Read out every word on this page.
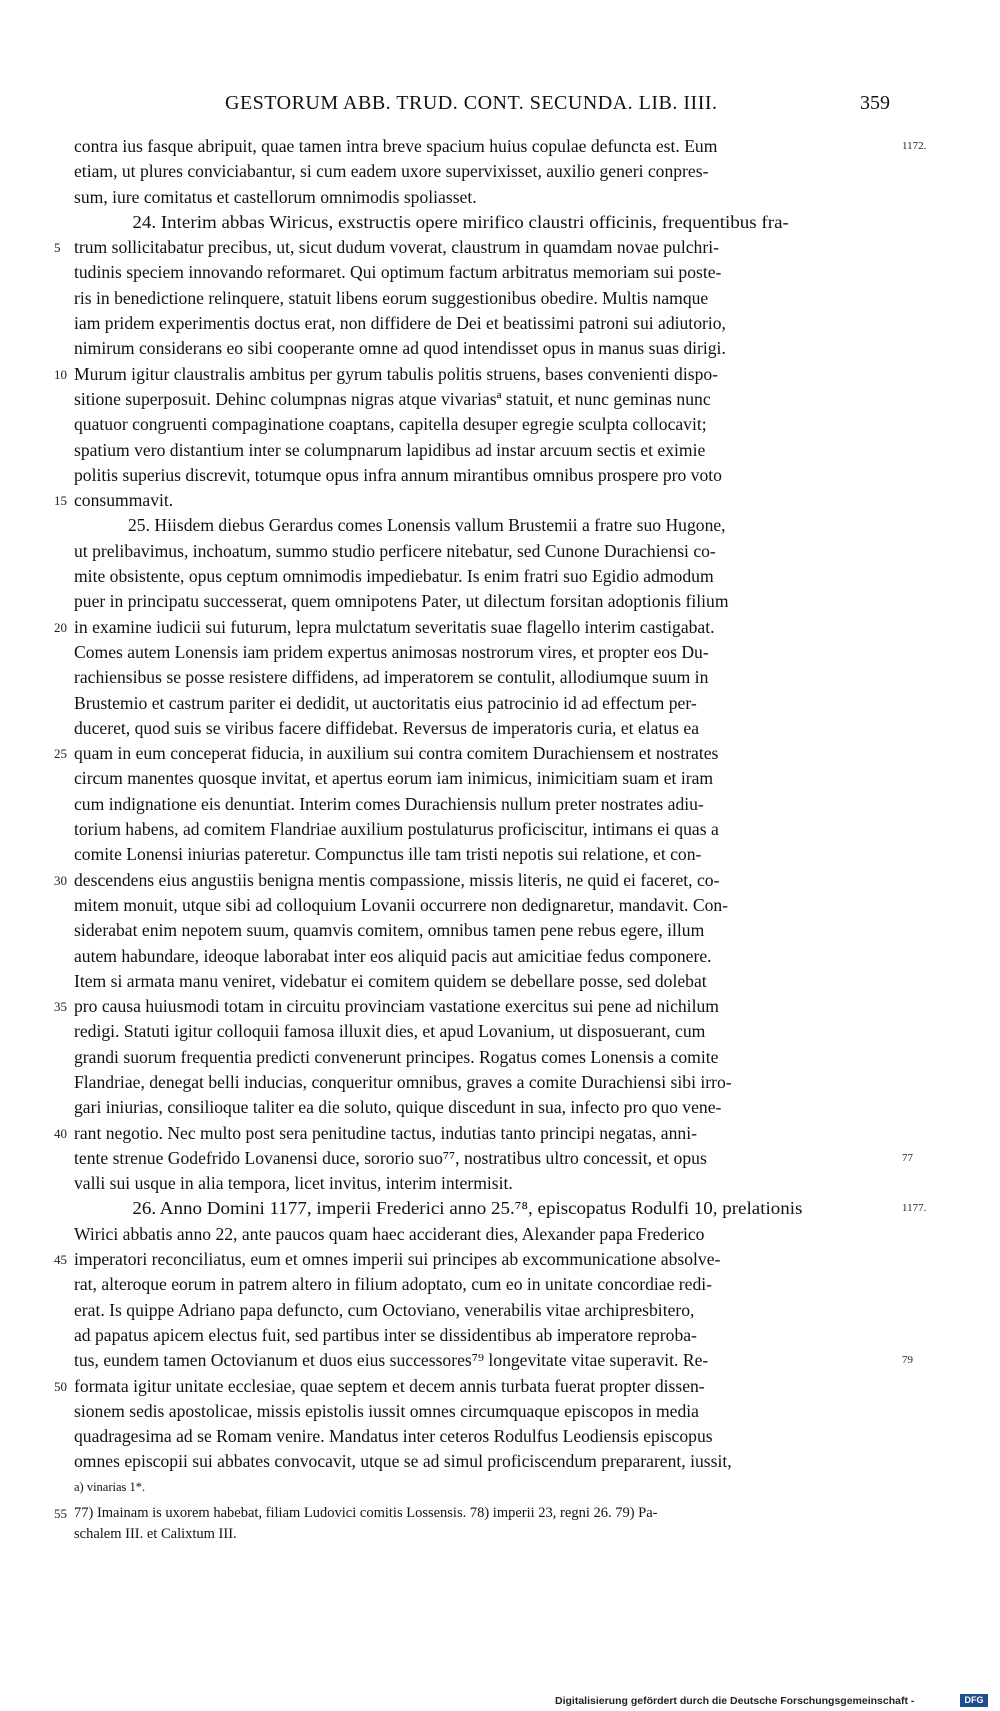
GESTORUM ABB. TRUD. CONT. SECUNDA. LIB. IIII.	359
contra ius fasque abripuit, quae tamen intra breve spacium huius copulae defuncta est. Eum	1172.
etiam, ut plures conviciabantur, si cum eadem uxore supervixisset, auxilio generi conpres-
sum, iure comitatus et castellorum omnimodis spoliasset.
24. Interim abbas Wiricus, exstructis opere mirifico claustri officinis, frequentibus fra-
5 trum sollicitabatur precibus, ut, sicut dudum voverat, claustrum in quamdam novae pulchri-
tudinis speciem innovando reformaret. Qui optimum factum arbitratus memoriam sui poste-
ris in benedictione relinquere, statuit libens eorum suggestionibus obedire. Multis namque
iam pridem experimentis doctus erat, non diffidere de Dei et beatissimi patroni sui adiutorio,
nimirum considerans eo sibi cooperante omne ad quod intendisset opus in manus suas dirigi.
10 Murum igitur claustralis ambitus per gyrum tabulis politis struens, bases convenienti dispo-
sitione superposuit. Dehinc columpnas nigras atque vivariasª statuit, et nunc geminas nunc
quatuor congruenti compaginatione coaptans, capitella desuper egregie sculpta collocavit;
spatium vero distantium inter se columpnarum lapidibus ad instar arcuum sectis et eximie
politis superius discrevit, totumque opus infra annum mirantibus omnibus prospere pro voto
15 consummavit.
25. Hiisdem diebus Gerardus comes Lonensis vallum Brustemii a fratre suo Hugone,
ut prelibavimus, inchoatum, summo studio perficere nitebatur, sed Cunone Durachiensi co-
mite obsistente, opus ceptum omnimodis impediebatur. Is enim fratri suo Egidio admodum
puer in principatu successerat, quem omnipotens Pater, ut dilectum forsitan adoptionis filium
20 in examine iudicii sui futurum, lepra mulctatum severitatis suae flagello interim castigabat.
Comes autem Lonensis iam pridem expertus animosas nostrorum vires, et propter eos Du-
rachiensibus se posse resistere diffidens, ad imperatorem se contulit, allodiumque suum in
Brustemio et castrum pariter ei dedidit, ut auctoritatis eius patrocinio id ad effectum per-
duceret, quod suis se viribus facere diffidebat. Reversus de imperatoris curia, et elatus ea
25 quam in eum conceperat fiducia, in auxilium sui contra comitem Durachiensem et nostrates
circum manentes quosque invitat, et apertus eorum iam inimicus, inimicitiam suam et iram
cum indignatione eis denuntiat. Interim comes Durachiensis nullum preter nostrates adiu-
torium habens, ad comitem Flandriae auxilium postulaturus proficiscitur, intimans ei quas a
comite Lonensi iniurias pateretur. Compunctus ille tam tristi nepotis sui relatione, et con-
30 descendens eius angustiis benigna mentis compassione, missis literis, ne quid ei faceret, co-
mitem monuit, utque sibi ad colloquium Lovanii occurrere non dedignaretur, mandavit. Con-
siderabat enim nepotem suum, quamvis comitem, omnibus tamen pene rebus egere, illum
autem habundare, ideoque laborabat inter eos aliquid pacis aut amicitiae fedus componere.
Item si armata manu veniret, videbatur ei comitem quidem se debellare posse, sed dolebat
35 pro causa huiusmodi totam in circuitu provinciam vastatione exercitus sui pene ad nichilum
redigi. Statuti igitur colloquii famosa illuxit dies, et apud Lovanium, ut disposuerant, cum
grandi suorum frequentia predicti convenerunt principes. Rogatus comes Lonensis a comite
Flandriae, denegat belli inducias, conqueritur omnibus, graves a comite Durachiensi sibi irro-
gari iniurias, consilioque taliter ea die soluto, quique discedunt in sua, infecto pro quo vene-
40 rant negotio. Nec multo post sera penitudine tactus, indutias tanto principi negatas, anni-
tente strenue Godefrido Lovanensi duce, sororio suo⁷⁷, nostratibus ultro concessit, et opus	77
valli sui usque in alia tempora, licet invitus, interim intermisit.
26. Anno Domini 1177, imperii Frederici anno 25.⁷⁸, episcopatus Rodulfi 10, prelationis	1177.
Wirici abbatis anno 22, ante paucos quam haec acciderant dies, Alexander papa Frederico
45 imperatori reconciliatus, eum et omnes imperii sui principes ab excommunicatione absolve-
rat, alteroque eorum in patrem altero in filium adoptato, cum eo in unitate concordiae redi-
erat. Is quippe Adriano papa defuncto, cum Octoviano, venerabilis vitae archipresbitero,
ad papatus apicem electus fuit, sed partibus inter se dissidentibus ab imperatore reproba-
tus, eundem tamen Octovianum et duos eius successores⁷⁹ longevitate vitae superavit. Re-	79
50 formata igitur unitate ecclesiae, quae septem et decem annis turbata fuerat propter dissen-
sionem sedis apostolicae, missis epistolis iussit omnes circumquaque episcopos in media
quadragesima ad se Romam venire. Mandatus inter ceteros Rodulfus Leodiensis episcopus
omnes episcopii sui abbates convocavit, utque se ad simul proficiscendum prepararent, iussit,
a) vinarias 1*.
55 77) Imainam is uxorem habebat, filiam Ludovici comitis Lossensis. 78) imperii 23, regni 26. 79) Pa-
schalem III. et Calixtum III.
Digitalisierung gefördert durch die Deutsche Forschungsgemeinschaft -	DFG
